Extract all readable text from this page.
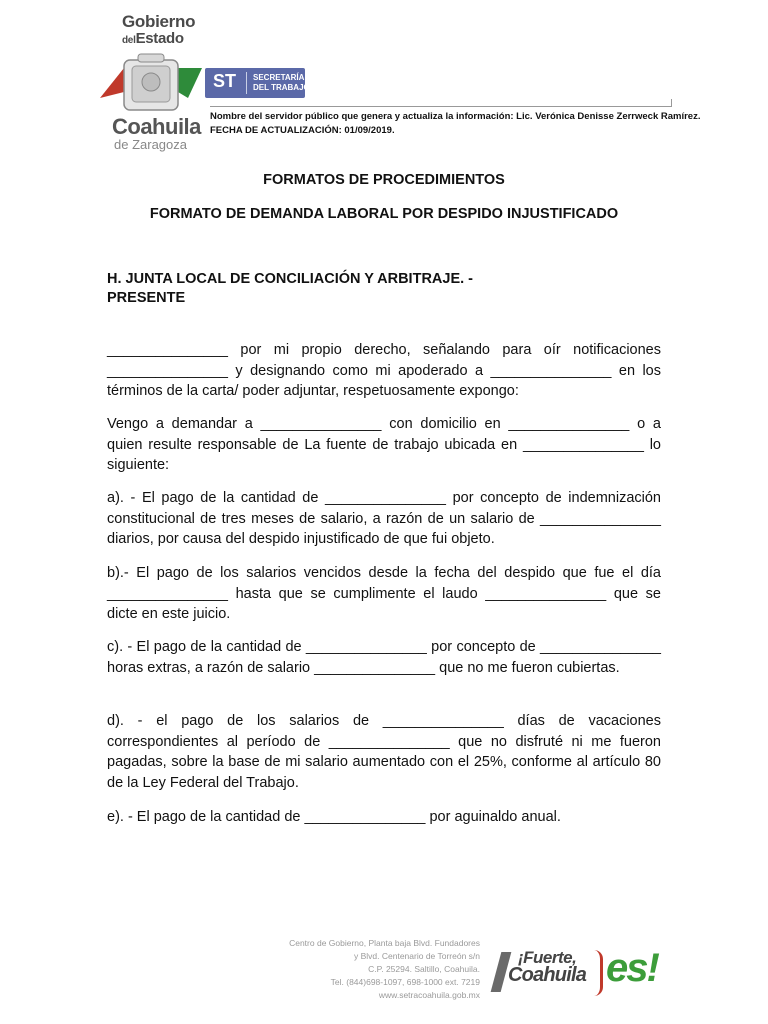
Gobierno
delEstado
Coahuila
de Zaragoza
ST SECRETARÍA
DEL TRABAJO
Nombre del servidor público que genera y actualiza la información: Lic. Verónica Denisse Zerrweck Ramírez.
FECHA DE ACTUALIZACIÓN: 01/09/2019.
FORMATOS DE PROCEDIMIENTOS
FORMATO DE DEMANDA LABORAL POR DESPIDO INJUSTIFICADO
H. JUNTA LOCAL DE CONCILIACIÓN Y ARBITRAJE. -
PRESENTE
_______________ por mi propio derecho, señalando para oír notificaciones _______________ y designando como mi apoderado a _______________ en los términos de la carta/ poder adjuntar, respetuosamente expongo:
Vengo a demandar a _______________ con domicilio en _______________ o a quien resulte responsable de La fuente de trabajo ubicada en _______________ lo siguiente:
a). - El pago de la cantidad de _______________ por concepto de indemnización constitucional de tres meses de salario, a razón de un salario de _______________ diarios, por causa del despido injustificado de que fui objeto.
b).- El pago de los salarios vencidos desde la fecha del despido que fue el día _______________ hasta que se cumplimente el laudo _______________ que se dicte en este juicio.
c). - El pago de la cantidad de _______________ por concepto de _______________ horas extras, a razón de salario _______________ que no me fueron cubiertas.
d). - el pago de los salarios de _______________ días de vacaciones correspondientes al período de _______________ que no disfruté ni me fueron pagadas, sobre la base de mi salario aumentado con el 25%, conforme al artículo 80 de la Ley Federal del Trabajo.
e). - El pago de la cantidad de _______________ por aguinaldo anual.
Centro de Gobierno, Planta baja Blvd. Fundadores
y Blvd. Centenario de Torreón s/n
C.P. 25294. Saltillo, Coahuila.
Tel. (844)698-1097, 698-1000 ext. 7219
www.setracoahuila.gob.mx
¡Fuerte,
Coahuila es!
